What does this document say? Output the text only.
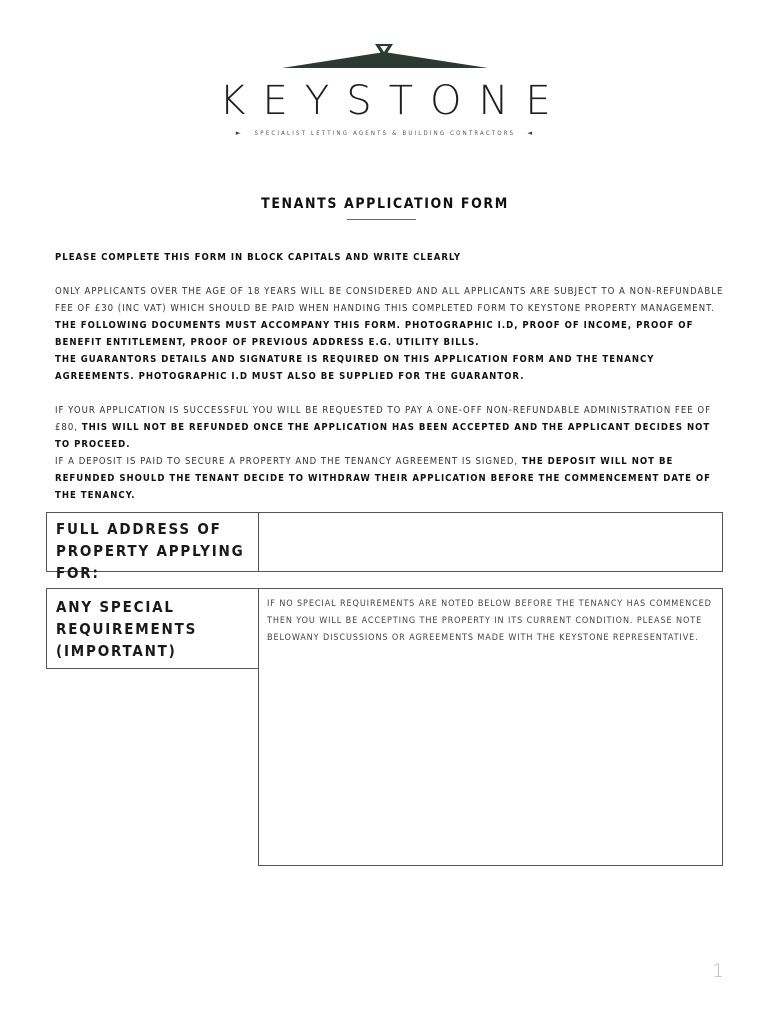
KEYSTONE
► SPECIALIST LETTING AGENTS & BUILDING CONTRACTORS ◄
TENANTS APPLICATION FORM

PLEASE COMPLETE THIS FORM IN BLOCK CAPITALS AND WRITE CLEARLY

ONLY APPLICANTS OVER THE AGE OF 18 YEARS WILL BE CONSIDERED AND ALL APPLICANTS ARE SUBJECT TO A NON-REFUNDABLE FEE OF £30 (INC VAT) WHICH SHOULD BE PAID WHEN HANDING THIS COMPLETED FORM TO KEYSTONE PROPERTY MANAGEMENT. THE FOLLOWING DOCUMENTS MUST ACCOMPANY THIS FORM. PHOTOGRAPHIC I.D, PROOF OF INCOME, PROOF OF BENEFIT ENTITLEMENT, PROOF OF PREVIOUS ADDRESS E.G. UTILITY BILLS.

THE GUARANTORS DETAILS AND SIGNATURE IS REQUIRED ON THIS APPLICATION FORM AND THE TENANCY AGREEMENTS. PHOTOGRAPHIC I.D MUST ALSO BE SUPPLIED FOR THE GUARANTOR.

IF YOUR APPLICATION IS SUCCESSFUL YOU WILL BE REQUESTED TO PAY A ONE-OFF NON-REFUNDABLE ADMINISTRATION FEE OF £80, THIS WILL NOT BE REFUNDED ONCE THE APPLICATION HAS BEEN ACCEPTED AND THE APPLICANT DECIDES NOT TO PROCEED.

IF A DEPOSIT IS PAID TO SECURE A PROPERTY AND THE TENANCY AGREEMENT IS SIGNED, THE DEPOSIT WILL NOT BE REFUNDED SHOULD THE TENANT DECIDE TO WITHDRAW THEIR APPLICATION BEFORE THE COMMENCEMENT DATE OF THE TENANCY.

FULL ADDRESS OF PROPERTY APPLYING FOR:
ANY SPECIAL REQUIREMENTS (IMPORTANT)
IF NO SPECIAL REQUIREMENTS ARE NOTED BELOW BEFORE THE TENANCY HAS COMMENCED THEN YOU WILL BE ACCEPTING THE PROPERTY IN ITS CURRENT CONDITION. PLEASE NOTE BELOWANY DISCUSSIONS OR AGREEMENTS MADE WITH THE KEYSTONE REPRESENTATIVE.
1
